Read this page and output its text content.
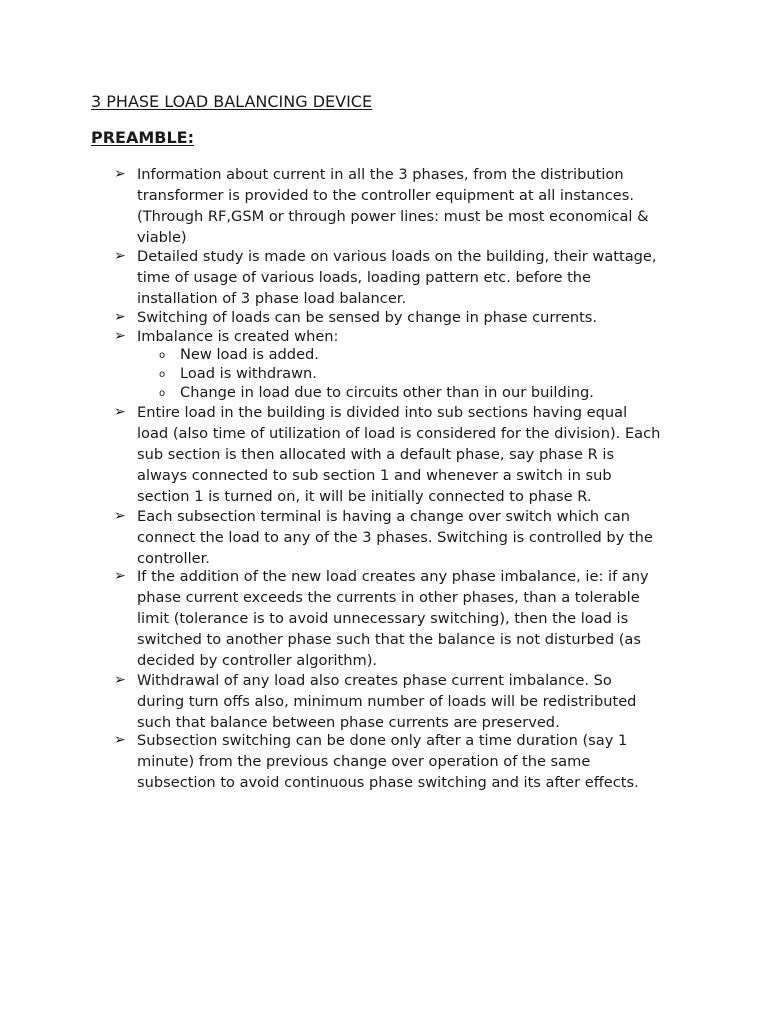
3 PHASE LOAD BALANCING DEVICE
PREAMBLE:
➢ Information about current in all the 3 phases, from the distribution
transformer is provided to the controller equipment at all instances.
(Through RF,GSM or through power lines: must be most economical &
viable)
➢ Detailed study is made on various loads on the building, their wattage,
time of usage of various loads, loading pattern etc. before the
installation of 3 phase load balancer.
➢ Switching of loads can be sensed by change in phase currents.
➢ Imbalance is created when:
o New load is added.
o Load is withdrawn.
o Change in load due to circuits other than in our building.
➢ Entire load in the building is divided into sub sections having equal
load (also time of utilization of load is considered for the division). Each
sub section is then allocated with a default phase, say phase R is
always connected to sub section 1 and whenever a switch in sub
section 1 is turned on, it will be initially connected to phase R.
➢ Each subsection terminal is having a change over switch which can
connect the load to any of the 3 phases. Switching is controlled by the
controller.
➢ If the addition of the new load creates any phase imbalance, ie: if any
phase current exceeds the currents in other phases, than a tolerable
limit (tolerance is to avoid unnecessary switching), then the load is
switched to another phase such that the balance is not disturbed (as
decided by controller algorithm).
➢ Withdrawal of any load also creates phase current imbalance. So
during turn offs also, minimum number of loads will be redistributed
such that balance between phase currents are preserved.
➢ Subsection switching can be done only after a time duration (say 1
minute) from the previous change over operation of the same
subsection to avoid continuous phase switching and its after effects.
